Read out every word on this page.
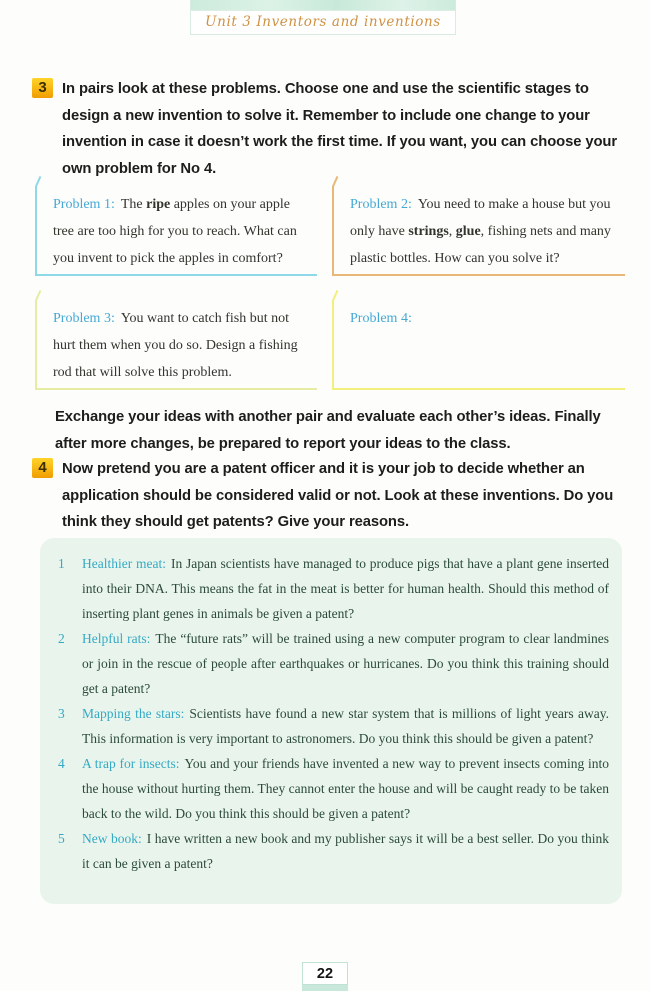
Unit 3 Inventors and inventions
3	In pairs look at these problems. Choose one and use the scientific stages to design a new invention to solve it. Remember to include one change to your invention in case it doesn’t work the first time. If you want, you can choose your own problem for No 4.

Problem 1: The ripe apples on your apple tree are too high for you to reach. What can you invent to pick the apples in comfort?
Problem 2: You need to make a house but you only have strings, glue, fishing nets and many plastic bottles. How can you solve it?
Problem 3: You want to catch fish but not hurt them when you do so. Design a fishing rod that will solve this problem.
Problem 4:

Exchange your ideas with another pair and evaluate each other’s ideas. Finally after more changes, be prepared to report your ideas to the class.

4	Now pretend you are a patent officer and it is your job to decide whether an application should be considered valid or not. Look at these inventions. Do you think they should get patents? Give your reasons.

1	Healthier meat: In Japan scientists have managed to produce pigs that have a plant gene inserted into their DNA. This means the fat in the meat is better for human health. Should this method of inserting plant genes in animals be given a patent?
2	Helpful rats: The “future rats” will be trained using a new computer program to clear landmines or join in the rescue of people after earthquakes or hurricanes. Do you think this training should get a patent?
3	Mapping the stars: Scientists have found a new star system that is millions of light years away. This information is very important to astronomers. Do you think this should be given a patent?
4	A trap for insects: You and your friends have invented a new way to prevent insects coming into the house without hurting them. They cannot enter the house and will be caught ready to be taken back to the wild. Do you think this should be given a patent?
5	New book: I have written a new book and my publisher says it will be a best seller. Do you think it can be given a patent?
22
